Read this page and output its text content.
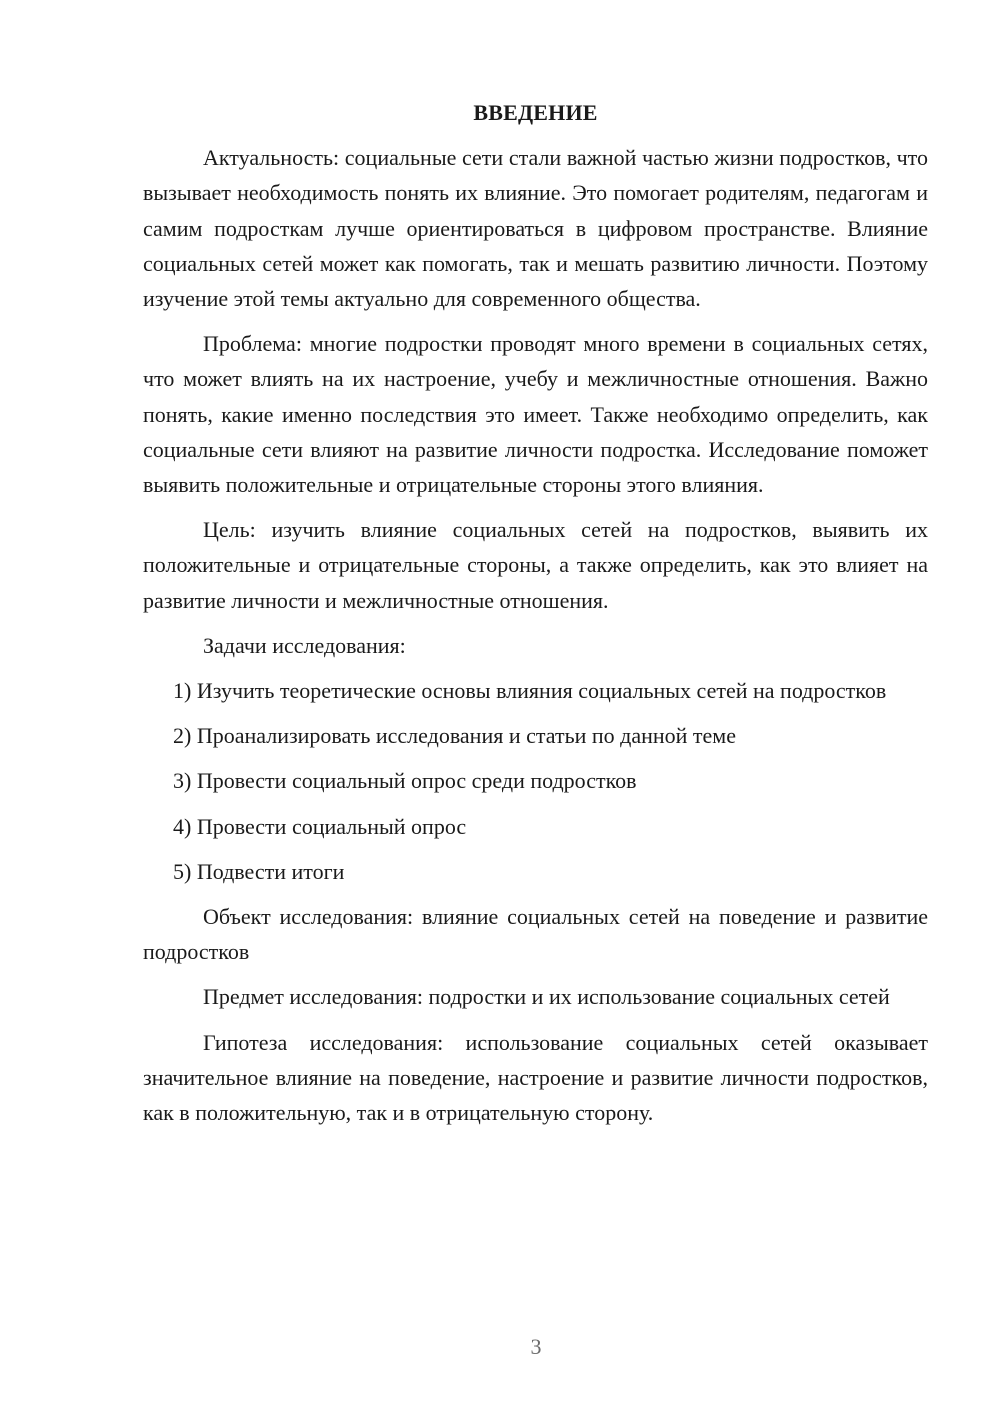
ВВЕДЕНИЕ

Актуальность: социальные сети стали важной частью жизни подростков, что вызывает необходимость понять их влияние. Это помогает родителям, педагогам и самим подросткам лучше ориентироваться в цифровом пространстве. Влияние социальных сетей может как помогать, так и мешать развитию личности. Поэтому изучение этой темы актуально для современного общества.

Проблема: многие подростки проводят много времени в социальных сетях, что может влиять на их настроение, учебу и межличностные отношения. Важно понять, какие именно последствия это имеет. Также необходимо определить, как социальные сети влияют на развитие личности подростка. Исследование поможет выявить положительные и отрицательные стороны этого влияния.

Цель: изучить влияние социальных сетей на подростков, выявить их положительные и отрицательные стороны, а также определить, как это влияет на развитие личности и межличностные отношения.

Задачи исследования:

1) Изучить теоретические основы влияния социальных сетей на подростков
2) Проанализировать исследования и статьи по данной теме
3) Провести социальный опрос среди подростков
4) Провести социальный опрос
5) Подвести итоги

Объект исследования: влияние социальных сетей на поведение и развитие подростков

Предмет исследования: подростки и их использование социальных сетей

Гипотеза исследования: использование социальных сетей оказывает значительное влияние на поведение, настроение и развитие личности подростков, как в положительную, так и в отрицательную сторону.

3
